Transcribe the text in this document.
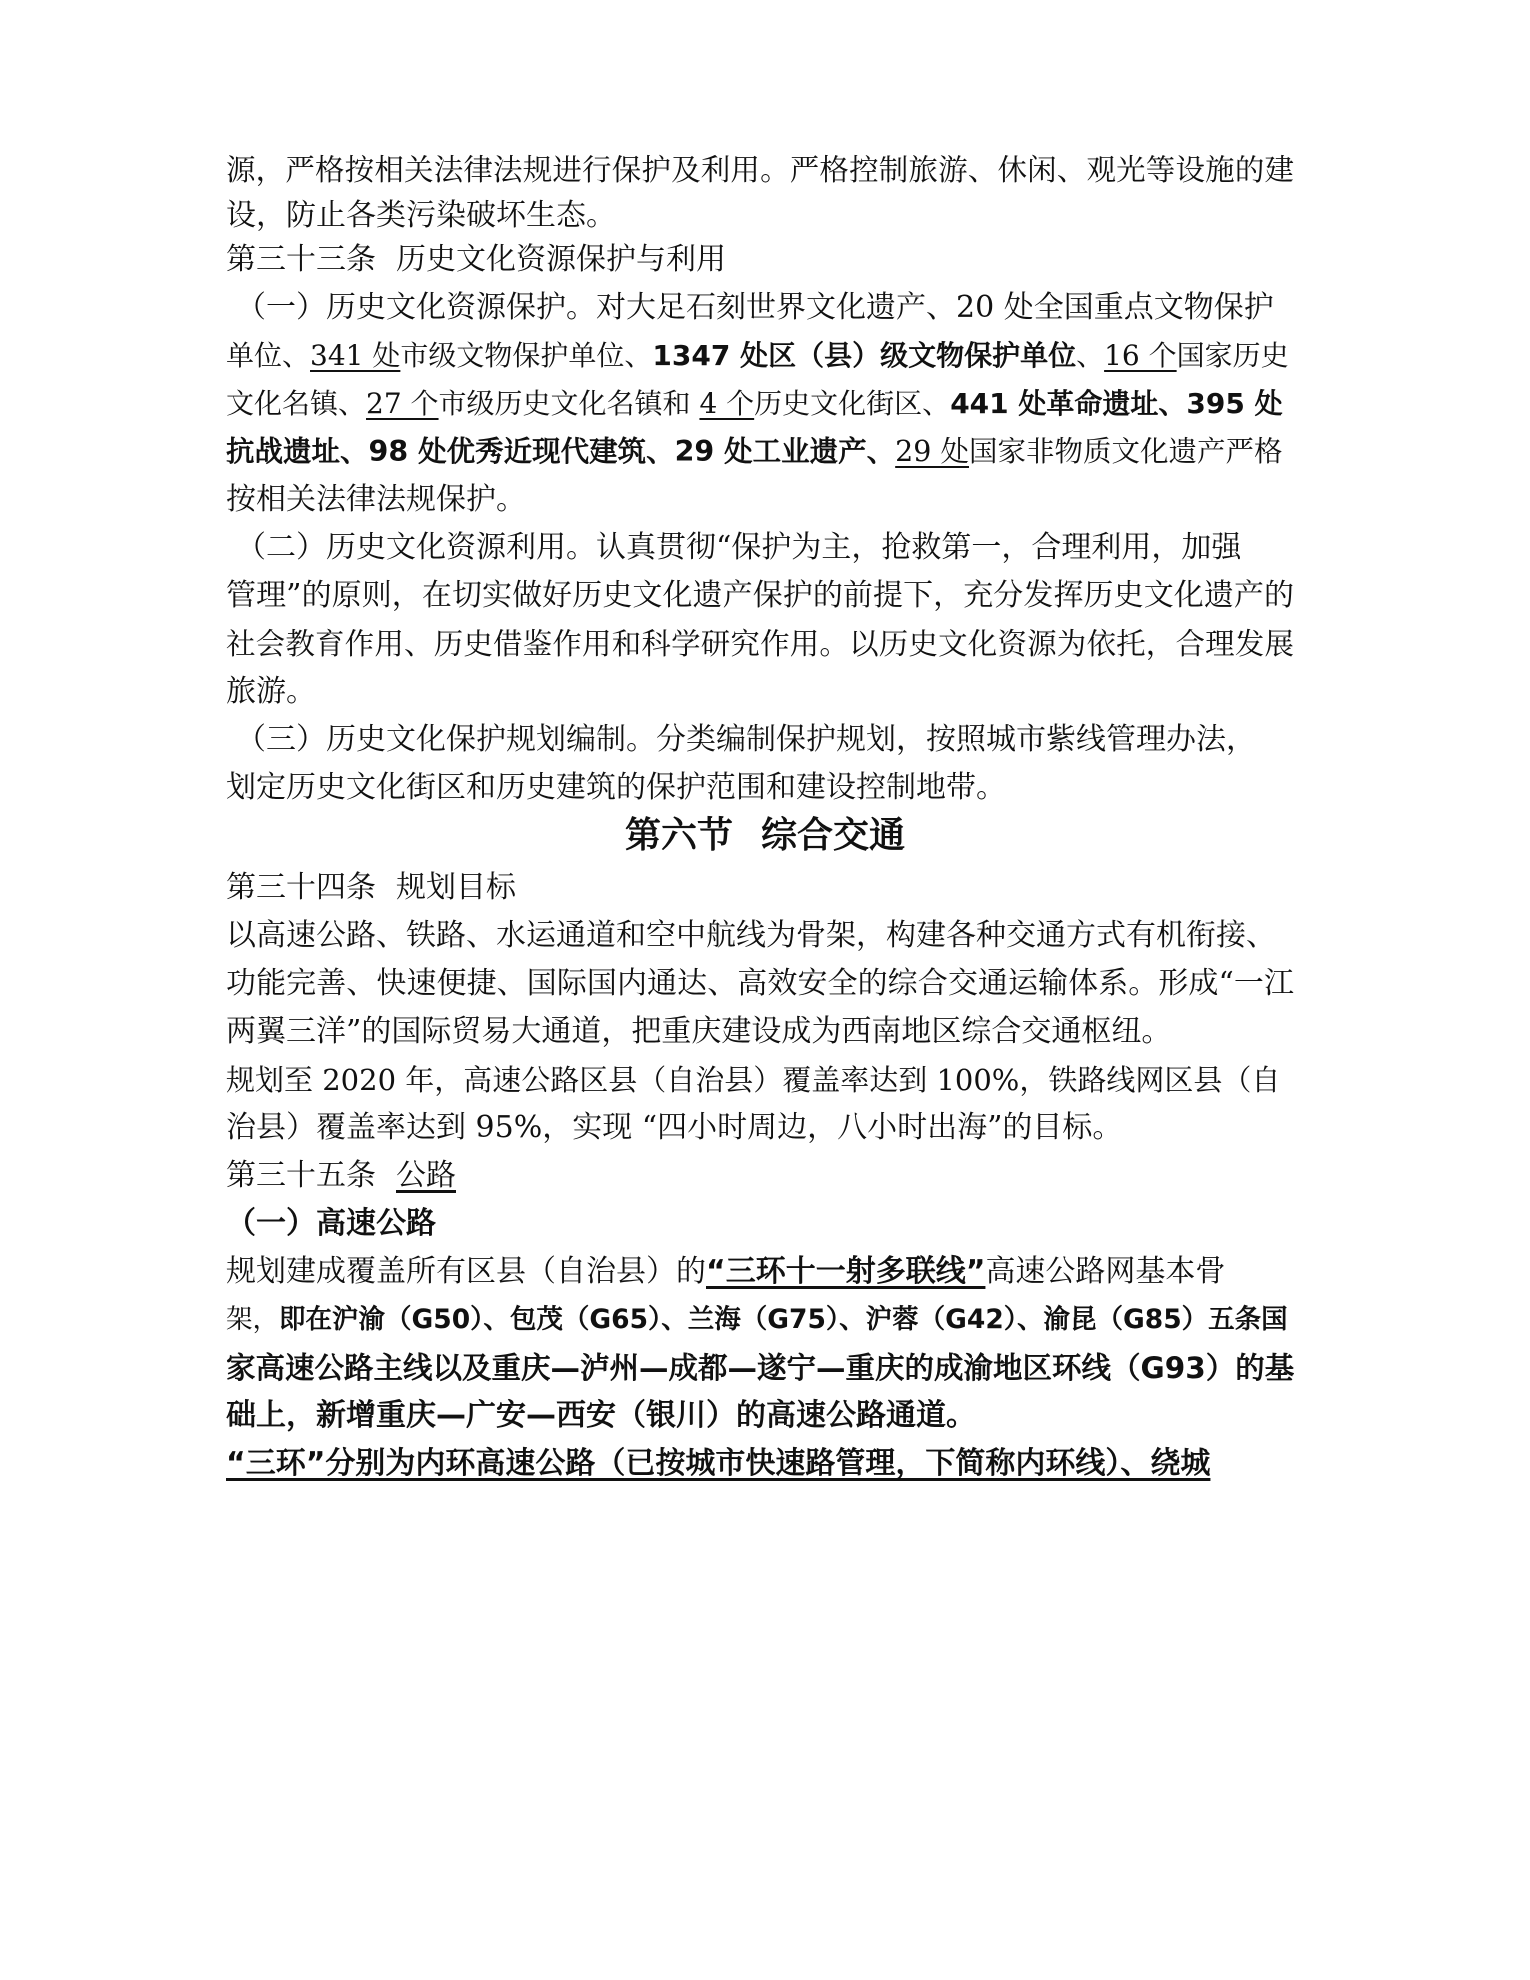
源，严格按相关法律法规进行保护及利用。严格控制旅游、休闲、观光等设施的建
设，防止各类污染破坏生态。
第三十三条 历史文化资源保护与利用
（一）历史文化资源保护。对大足石刻世界文化遗产、20 处全国重点文物保护
单位、341 处市级文物保护单位、1347 处区（县）级文物保护单位、16 个国家历史
文化名镇、27 个市级历史文化名镇和 4 个历史文化街区、441 处革命遗址、395 处
抗战遗址、98 处优秀近现代建筑、29 处工业遗产、29 处国家非物质文化遗产严格
按相关法律法规保护。
（二）历史文化资源利用。认真贯彻“保护为主，抢救第一，合理利用，加强
管理”的原则，在切实做好历史文化遗产保护的前提下，充分发挥历史文化遗产的
社会教育作用、历史借鉴作用和科学研究作用。以历史文化资源为依托，合理发展
旅游。
（三）历史文化保护规划编制。分类编制保护规划，按照城市紫线管理办法，
划定历史文化街区和历史建筑的保护范围和建设控制地带。
第六节 综合交通
第三十四条 规划目标
以高速公路、铁路、水运通道和空中航线为骨架，构建各种交通方式有机衔接、
功能完善、快速便捷、国际国内通达、高效安全的综合交通运输体系。形成“一江
两翼三洋”的国际贸易大通道，把重庆建设成为西南地区综合交通枢纽。
规划至 2020 年，高速公路区县（自治县）覆盖率达到 100%，铁路线网区县（自
治县）覆盖率达到 95%，实现 “四小时周边，八小时出海”的目标。
第三十五条 公路
（一）高速公路
规划建成覆盖所有区县（自治县）的“三环十一射多联线”高速公路网基本骨
架，即在沪渝（G50）、包茂（G65）、兰海（G75）、沪蓉（G42）、渝昆（G85）五条国
家高速公路主线以及重庆—泸州—成都—遂宁—重庆的成渝地区环线（G93）的基
础上，新增重庆—广安—西安（银川）的高速公路通道。
“三环”分别为内环高速公路（已按城市快速路管理，下简称内环线）、绕城
